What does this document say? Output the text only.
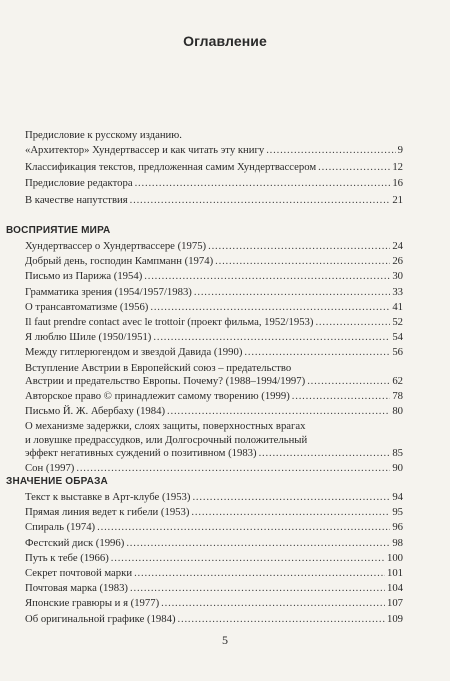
Оглавление
Предисловие к русскому изданию.
«Архитектор» Хундертвассер и как читать эту книгу .....	9
Классификация текстов, предложенная самим Хундертвассером .....	12
Предисловие редактора .....	16
В качестве напутствия .....	21
ВОСПРИЯТИЕ МИРА
Хундертвассер о Хундертвассере (1975) .....	24
Добрый день, господин Кампманн (1974) .....	26
Письмо из Парижа (1954) .....	30
Грамматика зрения (1954/1957/1983) .....	33
О трансавтоматизме (1956) .....	41
Il faut prendre contact avec le trottoir (проект фильма, 1952/1953) .....	52
Я люблю Шиле (1950/1951) .....	54
Между гитлерюгендом и звездой Давида (1990) .....	56
Вступление Австрии в Европейский союз – предательство
Австрии и предательство Европы. Почему? (1988–1994/1997) .....	62
Авторское право © принадлежит самому творению (1999) .....	78
Письмо Й. Ж. Абербаху (1984) .....	80
О механизме задержки, слоях защиты, поверхностных врагах
и ловушке предрассудков, или Долгосрочный положительный
эффект негативных суждений о позитивном (1983) .....	85
Сон (1997) .....	90
ЗНАЧЕНИЕ ОБРАЗА
Текст к выставке в Арт-клубе (1953) .....	94
Прямая линия ведет к гибели (1953) .....	95
Спираль (1974) .....	96
Фестский диск (1996) .....	98
Путь к тебе (1966) .....	100
Секрет почтовой марки .....	101
Почтовая марка (1983) .....	104
Японские гравюры и я (1977) .....	107
Об оригинальной графике (1984) .....	109
5
